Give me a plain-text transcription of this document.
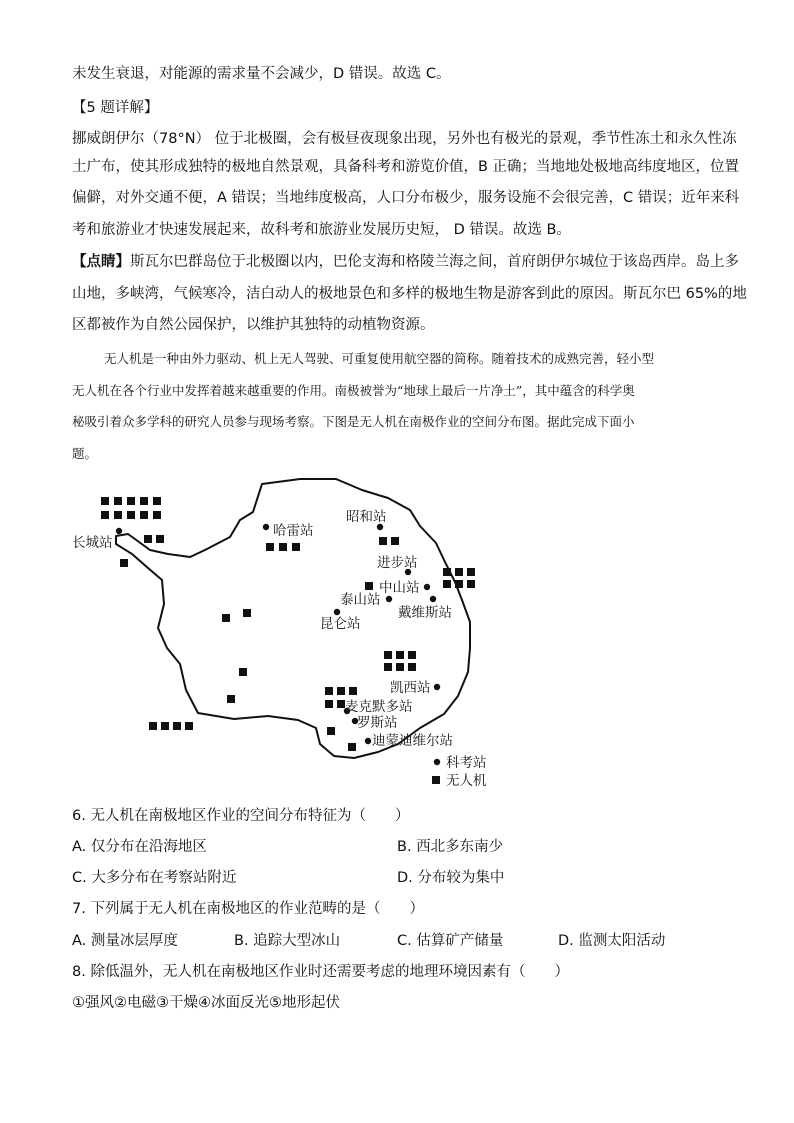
未发生衰退，对能源的需求量不会减少，D 错误。故选 C。
【5 题详解】
挪威朗伊尔（78°N） 位于北极圈，会有极昼夜现象出现，另外也有极光的景观，季节性冻土和永久性冻
土广布，使其形成独特的极地自然景观，具备科考和游览价值，B 正确；当地地处极地高纬度地区，位置
偏僻，对外交通不便，A 错误；当地纬度极高，人口分布极少，服务设施不会很完善，C 错误；近年来科
考和旅游业才快速发展起来，故科考和旅游业发展历史短， D 错误。故选 B。
【点睛】斯瓦尔巴群岛位于北极圈以内，巴伦支海和格陵兰海之间，首府朗伊尔城位于该岛西岸。岛上多
山地，多峡湾，气候寒冷，洁白动人的极地景色和多样的极地生物是游客到此的原因。斯瓦尔巴 65%的地
区都被作为自然公园保护，以维护其独特的动植物资源。
无人机是一种由外力驱动、机上无人驾驶、可重复使用航空器的简称。随着技术的成熟完善，轻小型
无人机在各个行业中发挥着越来越重要的作用。南极被誉为“地球上最后一片净土”，其中蕴含的科学奥
秘吸引着众多学科的研究人员参与现场考察。下图是无人机在南极作业的空间分布图。据此完成下面小
题。
长城站
哈雷站
昭和站
进步站
中山站
泰山站
戴维斯站
昆仑站
凯西站
麦克默多站
罗斯站
迪蒙迪维尔站
科考站
无人机
6. 无人机在南极地区作业的空间分布特征为（　　）
A. 仅分布在沿海地区	B. 西北多东南少
C. 大多分布在考察站附近	D. 分布较为集中
7. 下列属于无人机在南极地区的作业范畴的是（　　）
A. 测量冰层厚度	B. 追踪大型冰山	C. 估算矿产储量	D. 监测太阳活动
8. 除低温外，无人机在南极地区作业时还需要考虑的地理环境因素有（　　）
①强风②电磁③干燥④冰面反光⑤地形起伏
